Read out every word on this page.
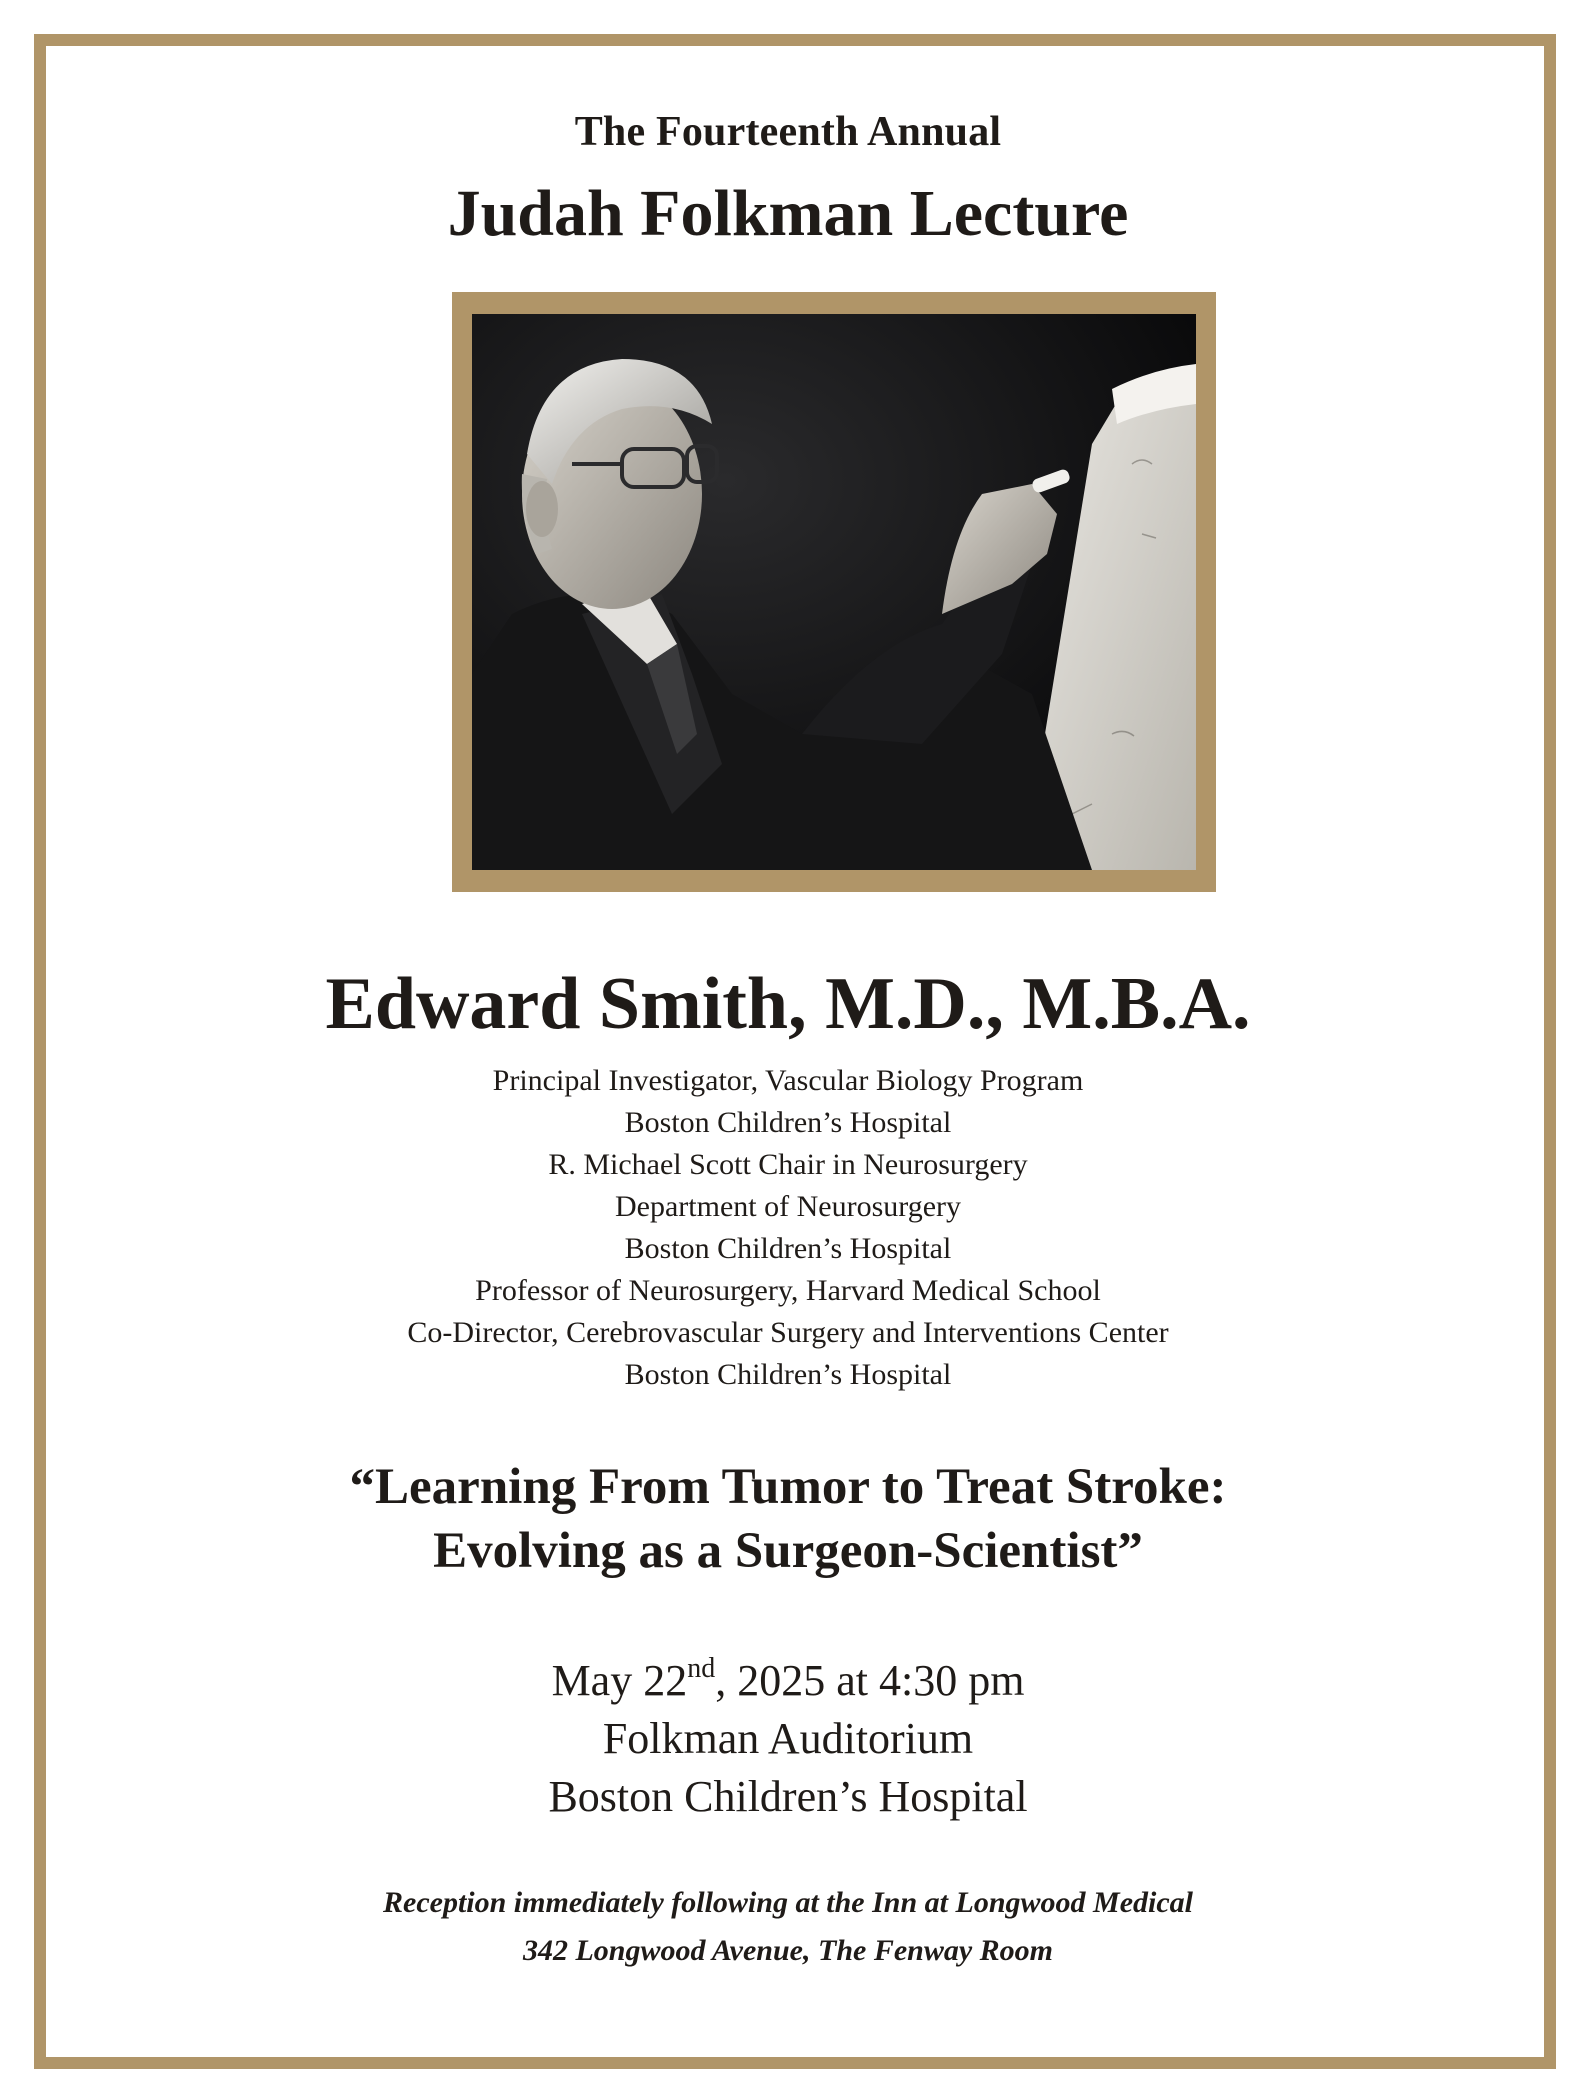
The Fourteenth Annual
Judah Folkman Lecture
Edward Smith, M.D., M.B.A.
Principal Investigator, Vascular Biology Program
Boston Children’s Hospital
R. Michael Scott Chair in Neurosurgery
Department of Neurosurgery
Boston Children’s Hospital
Professor of Neurosurgery, Harvard Medical School
Co-Director, Cerebrovascular Surgery and Interventions Center
Boston Children’s Hospital
“Learning From Tumor to Treat Stroke:
Evolving as a Surgeon-Scientist”
May 22nd, 2025 at 4:30 pm
Folkman Auditorium
Boston Children’s Hospital
Reception immediately following at the Inn at Longwood Medical
342 Longwood Avenue, The Fenway Room
